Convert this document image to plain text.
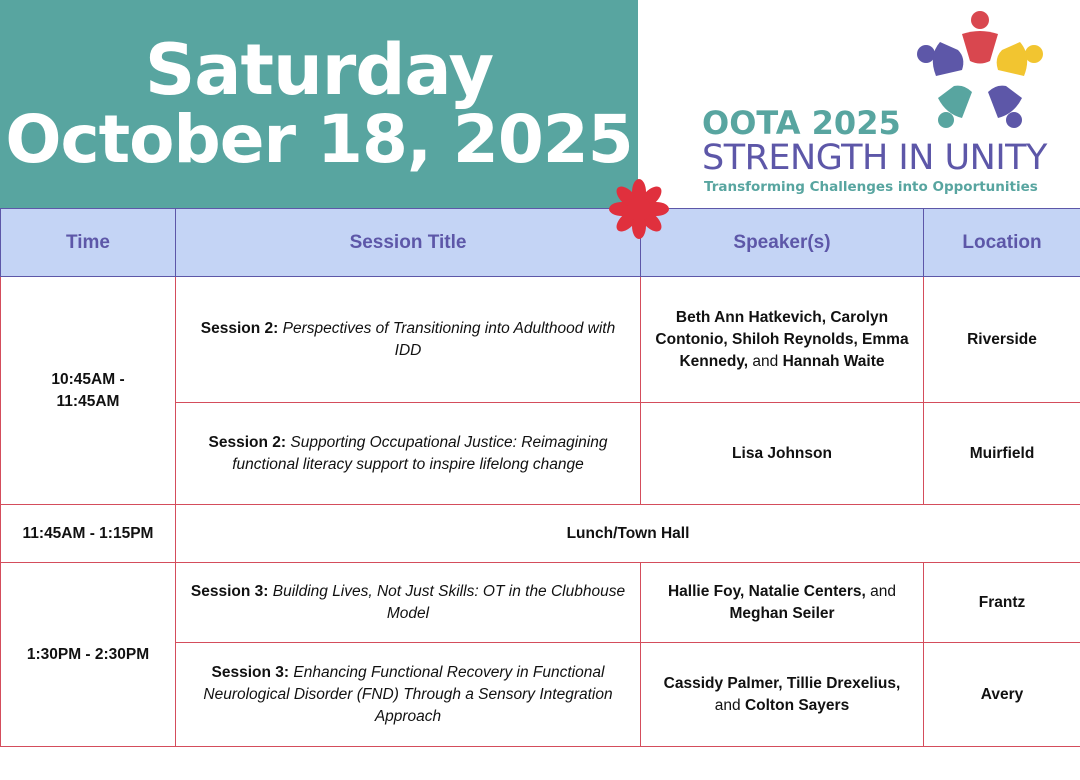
Saturday
October 18, 2025 OOTA 2025
STRENGTH IN UNITY
Transforming Challenges into Opportunities
Time	Session Title	Speaker(s)	Location
10:45AM - 11:45AM	Session 2: Perspectives of Transitioning into Adulthood with IDD	Beth Ann Hatkevich, Carolyn Contonio, Shiloh Reynolds, Emma Kennedy, and Hannah Waite	Riverside
	Session 2: Supporting Occupational Justice: Reimagining functional literacy support to inspire lifelong change	Lisa Johnson	Muirfield
11:45AM - 1:15PM	Lunch/Town Hall		
1:30PM - 2:30PM	Session 3: Building Lives, Not Just Skills: OT in the Clubhouse Model	Hallie Foy, Natalie Centers, and Meghan Seiler	Frantz
	Session 3: Enhancing Functional Recovery in Functional Neurological Disorder (FND) Through a Sensory Integration Approach	Cassidy Palmer, Tillie Drexelius, and Colton Sayers	Avery
